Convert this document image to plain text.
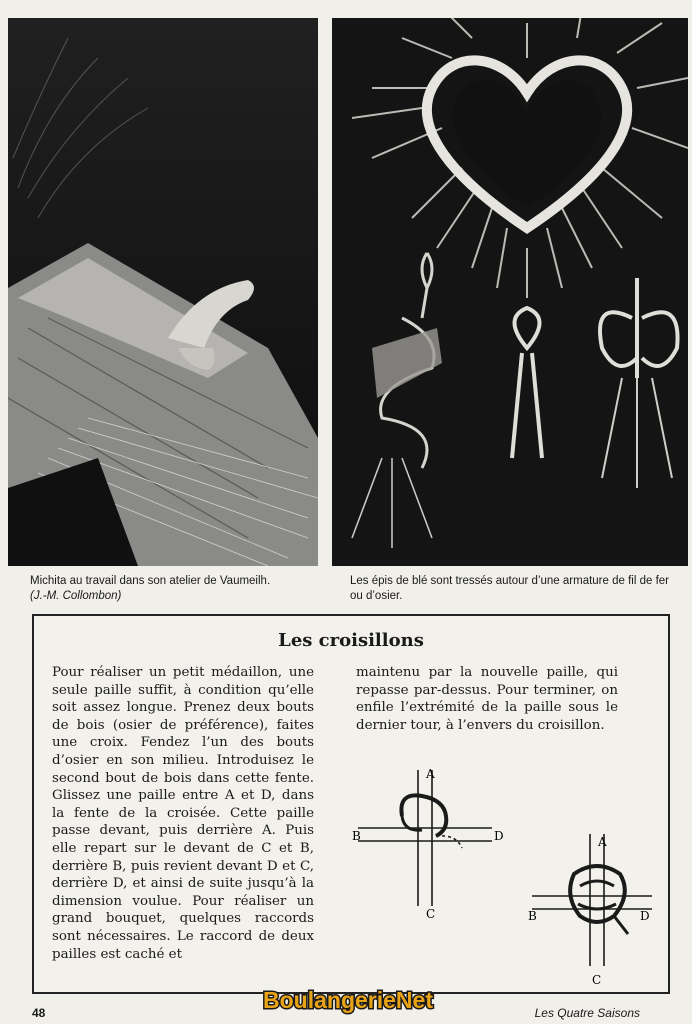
Michita au travail dans son atelier de Vaumeilh.
(J.-M. Collombon)
Les épis de blé sont tressés autour d’une armature de fil de fer ou d’osier.
Les croisillons
Pour réaliser un petit médaillon, une seule paille suffit, à condition qu’elle soit assez longue. Prenez deux bouts de bois (osier de préférence), faites une croix. Fendez l’un des bouts d’osier en son milieu. Introduisez le second bout de bois dans cette fente. Glissez une paille entre A et D, dans la fente de la croisée. Cette paille passe devant, puis derrière A. Puis elle repart sur le devant de C et B, derrière B, puis revient devant D et C, derrière D, et ainsi de suite jusqu’à la dimension voulue. Pour réaliser un grand bouquet, quelques raccords sont nécessaires. Le raccord de deux pailles est caché et
maintenu par la nouvelle paille, qui repasse par-dessus. Pour terminer, on enfile l’extrémité de la paille sous le dernier tour, à l’envers du croisillon.
A
B	D
C
A
B	D
C
48	Les Quatre Saisons
BoulangerieNet
